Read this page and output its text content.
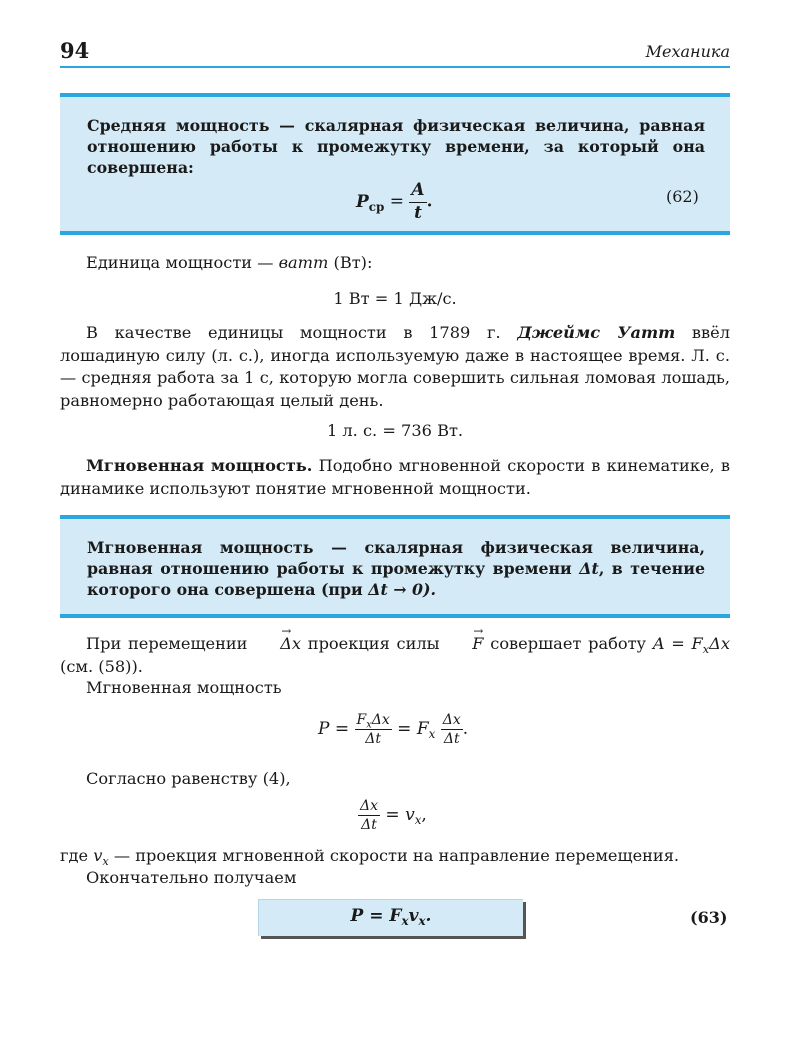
94	Механика
Средняя мощность — скалярная физическая величина, равная отношению работы к промежутку времени, за который она совершена:
$P_{ср}$ =
A
t
.	(62)
Единица мощности — ватт (Вт):
1 Вт = 1 Дж/с.
В качестве единицы мощности в 1789 г. Джеймс Уатт ввёл лошадиную силу (л. с.), иногда используемую даже в настоящее время. Л. с. — средняя работа за 1 с, которую могла совершить сильная ломовая лошадь, равномерно работающая целый день.
1 л. с. = 736 Вт.
Мгновенная мощность. Подобно мгновенной скорости в кинематике, в динамике используют понятие мгновенной мощности.
Мгновенная мощность — скалярная физическая величина, равная отношению работы к промежутку времени Δt, в течение которого она совершена (при Δt → 0).
При перемещении → Δx проекция силы → F совершает работу $A = F_x\Delta x$ (см. (58)).
Мгновенная мощность
$P = \frac{F_x\Delta x}{\Delta t} = F_x \frac{\Delta x}{\Delta t}$ .
Согласно равенству (4),
$\frac{\Delta x}{\Delta t} = v_x$,
где $v_x$ — проекция мгновенной скорости на направление перемещения.
Окончательно получаем
$P = F_xv_x$.	(63)
